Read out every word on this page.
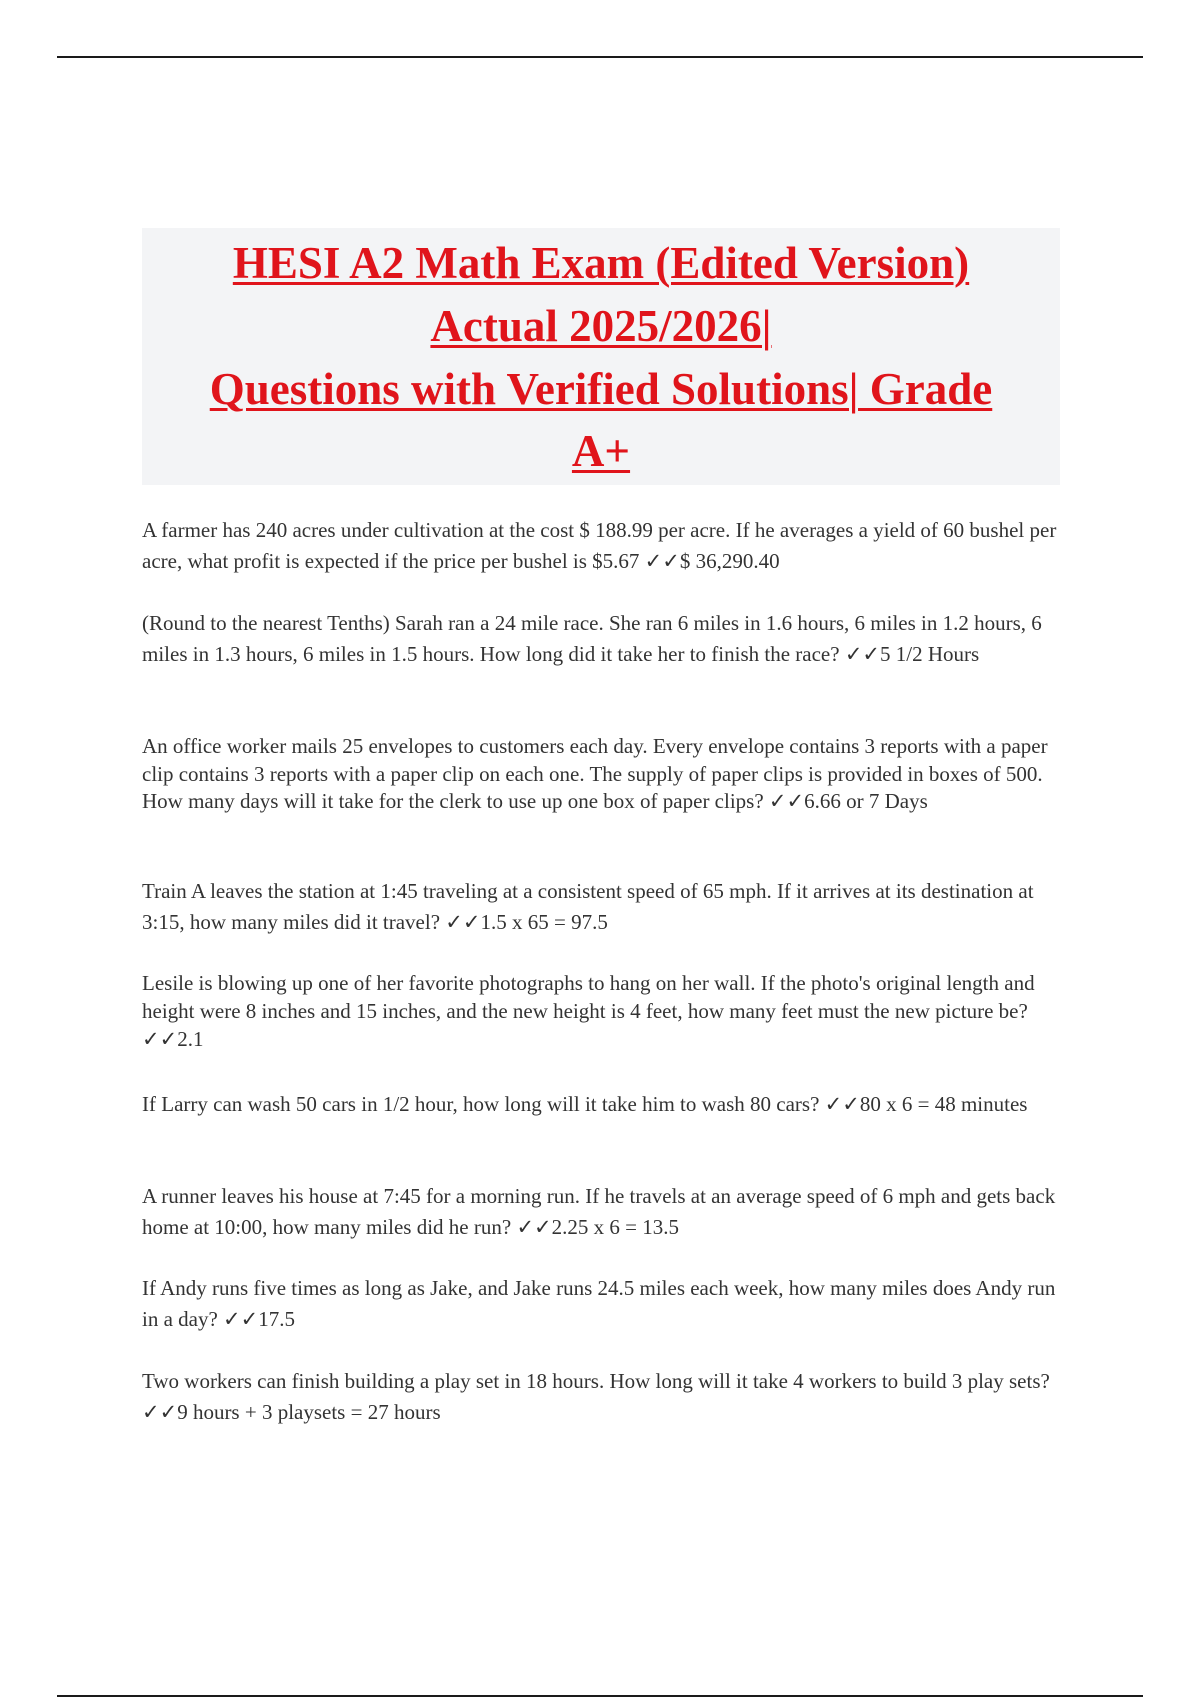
HESI A2 Math Exam (Edited Version)
Actual 2025/2026|
Questions with Verified Solutions| Grade
A+
A farmer has 240 acres under cultivation at the cost $ 188.99 per acre. If he averages a yield of 60 bushel per acre, what profit is expected if the price per bushel is $5.67 ✓✓$ 36,290.40
(Round to the nearest Tenths) Sarah ran a 24 mile race. She ran 6 miles in 1.6 hours, 6 miles in 1.2 hours, 6 miles in 1.3 hours, 6 miles in 1.5 hours. How long did it take her to finish the race? ✓✓5 1/2 Hours
An office worker mails 25 envelopes to customers each day. Every envelope contains 3 reports with a paper clip contains 3 reports with a paper clip on each one. The supply of paper clips is provided in boxes of 500. How many days will it take for the clerk to use up one box of paper clips? ✓✓6.66 or 7 Days
Train A leaves the station at 1:45 traveling at a consistent speed of 65 mph. If it arrives at its destination at 3:15, how many miles did it travel? ✓✓1.5 x 65 = 97.5
Lesile is blowing up one of her favorite photographs to hang on her wall. If the photo's original length and height were 8 inches and 15 inches, and the new height is 4 feet, how many feet must the new picture be? ✓✓2.1
If Larry can wash 50 cars in 1/2 hour, how long will it take him to wash 80 cars? ✓✓80 x 6 = 48 minutes
A runner leaves his house at 7:45 for a morning run. If he travels at an average speed of 6 mph and gets back home at 10:00, how many miles did he run? ✓✓2.25 x 6 = 13.5
If Andy runs five times as long as Jake, and Jake runs 24.5 miles each week, how many miles does Andy run in a day? ✓✓17.5
Two workers can finish building a play set in 18 hours. How long will it take 4 workers to build 3 play sets? ✓✓9 hours + 3 playsets = 27 hours
